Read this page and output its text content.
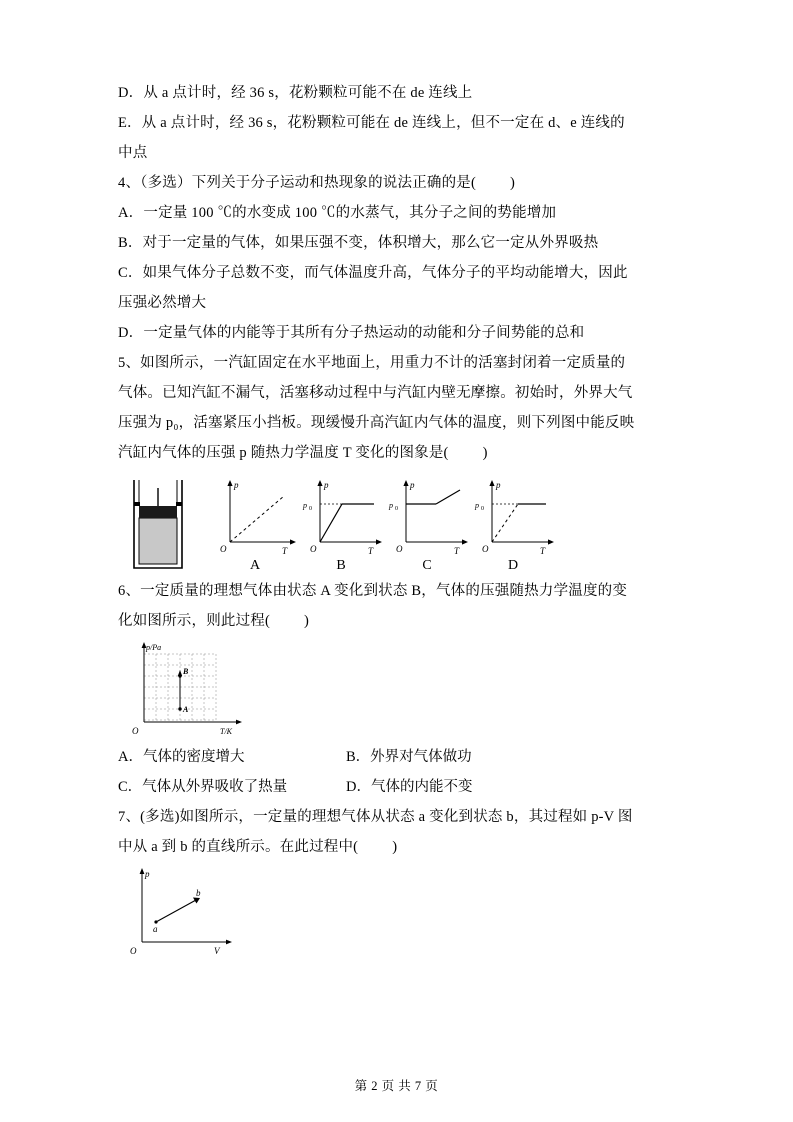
D．从 a 点计时，经 36 s，花粉颗粒可能不在 de 连线上
E．从 a 点计时，经 36 s，花粉颗粒可能在 de 连线上，但不一定在 d、e 连线的
中点
4、（多选）下列关于分子运动和热现象的说法正确的是( )
A．一定量 100 ℃的水变成 100 ℃的水蒸气，其分子之间的势能增加
B．对于一定量的气体，如果压强不变，体积增大，那么它一定从外界吸热
C．如果气体分子总数不变，而气体温度升高，气体分子的平均动能增大，因此
压强必然增大
D．一定量气体的内能等于其所有分子热运动的动能和分子间势能的总和
5、如图所示，一汽缸固定在水平地面上，用重力不计的活塞封闭着一定质量的
气体。已知汽缸不漏气，活塞移动过程中与汽缸内壁无摩擦。初始时，外界大气
压强为 p₀，活塞紧压小挡板。现缓慢升高汽缸内气体的温度，则下列图中能反映
汽缸内气体的压强 p 随热力学温度 T 变化的图象是( )
p
T
O
A
p
T
O
p 0
B
p
T
O
p 0
C
p
T
O
p 0
D
6、一定质量的理想气体由状态 A 变化到状态 B，气体的压强随热力学温度的变
化如图所示，则此过程( )
p/Pa
T/K
O
B
A
A．气体的密度增大	B．外界对气体做功
C．气体从外界吸收了热量	D．气体的内能不变
7、(多选)如图所示，一定量的理想气体从状态 a 变化到状态 b，其过程如 p-V 图
中从 a 到 b 的直线所示。在此过程中( )
p
V
O
a
b
第 2 页 共 7 页
